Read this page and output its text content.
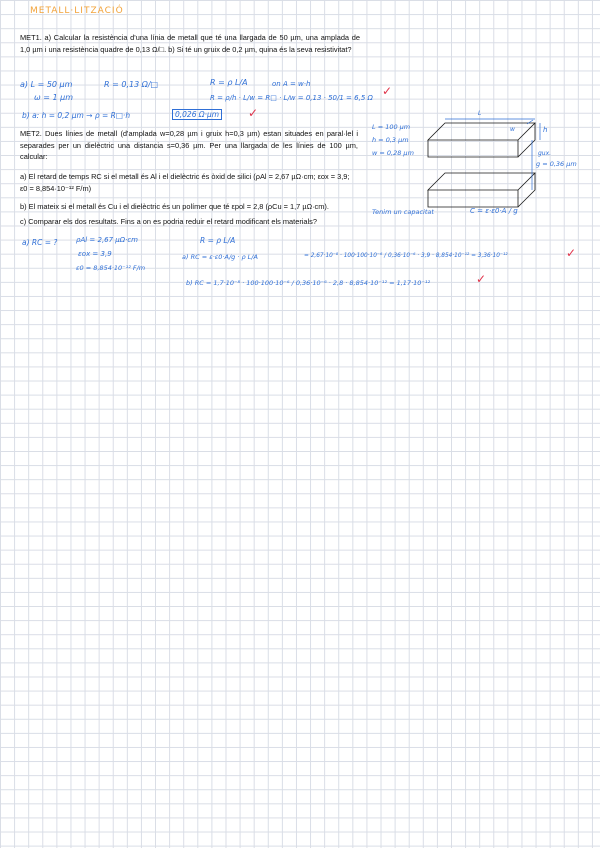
METALL·LITZACIÓ

MET1. a) Calcular la resistència d'una línia de metall que té una llargada de 50 µm, una amplada de 1,0 µm i una resistència quadre de 0,13 Ω/□. b) Si té un gruix de 0,2 µm, quina és la seva resistivitat?

a) L = 50 µm
ω = 1 µm
R = 0,13 Ω/□	R = ρ L/A	on A = w·h
R = ρ/h · L/w = R□ · L/w = 0,13 · 50/1 = 6,5 Ω ✓
b) a: h = 0,2 µm → ρ = R□·h	0,026 Ω·µm ✓

MET2. Dues línies de metall (d'amplada w=0,28 µm i gruix h=0,3 µm) estan situades en paral·lel i separades per un dielèctric una distancia s=0,36 µm. Per una llargada de les línies de 100 µm, calcular:

a) El retard de temps RC si el metall és Al i el dielèctric és òxid de silici (ρAl = 2,67 µΩ·cm; εox = 3,9; ε0 = 8,854·10⁻¹² F/m)

b) El mateix si el metall és Cu i el dielèctric és un polímer que té εpol = 2,8 (ρCu = 1,7 µΩ·cm).

c) Comparar els dos resultats. Fins a on es podria reduir el retard modificant els materials?

L = 100 µm
h = 0,3 µm
w = 0,28 µm
L
w	h
gux.
g = 0,36 µm
Tenim un capacitat	C = ε·ε0·A / g
a) RC = ?	ρAl = 2,67 µΩ·cm
εox = 3,9
ε0 = 8,854·10⁻¹² F/m
R = ρ L/A
a) RC = ε·ε0·A/g · ρ L/A	= 2,67·10⁻⁸ · 100·100·10⁻⁶ / 0,36·10⁻⁶ · 3,9 · 8,854·10⁻¹² = 3,36·10⁻¹²	✓
b) RC = 1,7·10⁻⁸ · 100·100·10⁻⁶ / 0,36·10⁻⁶ · 2,8 · 8,854·10⁻¹² = 1,17·10⁻¹²	✓
